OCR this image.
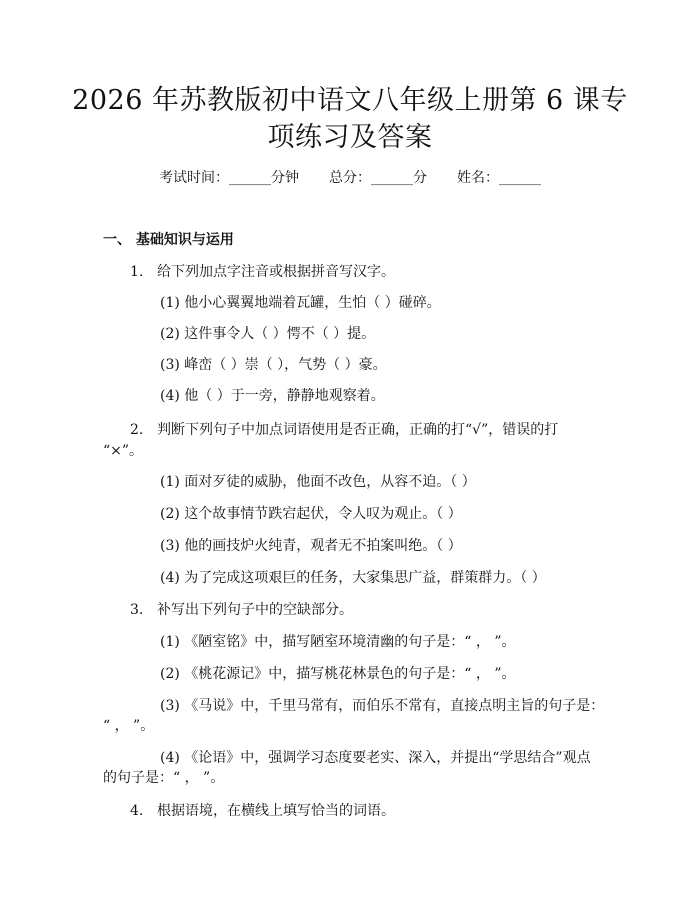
2026 年苏教版初中语文八年级上册第 6 课专
项练习及答案
考试时间：______分钟 总分：______分 姓名：______
一、 基础知识与运用
1. 给下列加点字注音或根据拼音写汉字。
(1) 他小心翼翼地端着瓦罐，生怕（ ）碰碎。
(2) 这件事令人（ ）愕不（ ）提。
(3) 峰峦（ ）崇（ ），气势（ ）豪。
(4) 他（ ）于一旁，静静地观察着。
2. 判断下列句子中加点词语使用是否正确，正确的打“√”，错误的打
“×”。
(1) 面对歹徒的威胁，他面不改色，从容不迫。（ ）
(2) 这个故事情节跌宕起伏，令人叹为观止。（ ）
(3) 他的画技炉火纯青，观者无不拍案叫绝。（ ）
(4) 为了完成这项艰巨的任务，大家集思广益，群策群力。（ ）
3. 补写出下列句子中的空缺部分。
(1) 《陋室铭》中，描写陋室环境清幽的句子是：“ ， ”。
(2) 《桃花源记》中，描写桃花林景色的句子是：“ ， ”。
(3) 《马说》中，千里马常有，而伯乐不常有，直接点明主旨的句子是：
“ ， ”。
(4) 《论语》中，强调学习态度要老实、深入，并提出“学思结合”观点
的句子是：“ ， ”。
4. 根据语境，在横线上填写恰当的词语。
